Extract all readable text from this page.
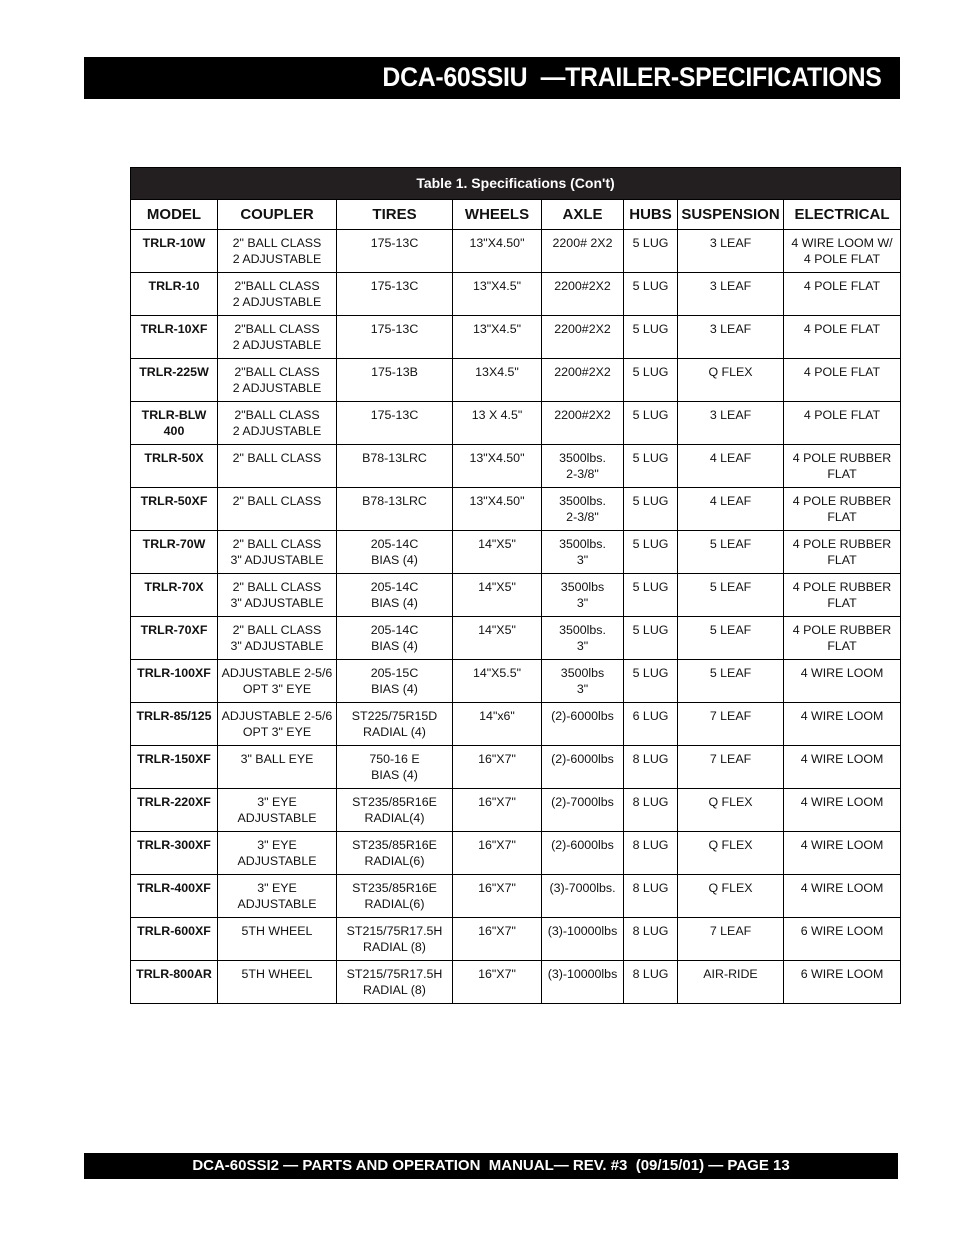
DCA-60SSIU  —TRAILER-SPECIFICATIONS
Table 1. Specifications (Con't)
MODEL	COUPLER	TIRES	WHEELS	AXLE	HUBS	SUSPENSION	ELECTRICAL
TRLR-10W	2" BALL CLASS
2 ADJUSTABLE	175-13C	13"X4.50"	2200# 2X2	5 LUG	3 LEAF	4 WIRE LOOM W/
4 POLE FLAT
TRLR-10	2"BALL CLASS
2 ADJUSTABLE	175-13C	13"X4.5"	2200#2X2	5 LUG	3 LEAF	4 POLE FLAT
TRLR-10XF	2"BALL CLASS
2 ADJUSTABLE	175-13C	13"X4.5"	2200#2X2	5 LUG	3 LEAF	4 POLE FLAT
TRLR-225W	2"BALL CLASS
2 ADJUSTABLE	175-13B	13X4.5"	2200#2X2	5 LUG	Q FLEX	4 POLE FLAT
TRLR-BLW
400	2"BALL CLASS
2 ADJUSTABLE	175-13C	13 X 4.5"	2200#2X2	5 LUG	3 LEAF	4 POLE FLAT
TRLR-50X	2" BALL CLASS	B78-13LRC	13"X4.50"	3500lbs.
2-3/8"	5 LUG	4 LEAF	4 POLE RUBBER
FLAT
TRLR-50XF	2" BALL CLASS	B78-13LRC	13"X4.50"	3500lbs.
2-3/8"	5 LUG	4 LEAF	4 POLE RUBBER
FLAT
TRLR-70W	2" BALL CLASS
3" ADJUSTABLE	205-14C
BIAS (4)	14"X5"	3500lbs.
3"	5 LUG	5 LEAF	4 POLE RUBBER
FLAT
TRLR-70X	2" BALL CLASS
3" ADJUSTABLE	205-14C
BIAS (4)	14"X5"	3500lbs
3"	5 LUG	5 LEAF	4 POLE RUBBER
FLAT
TRLR-70XF	2" BALL CLASS
3" ADJUSTABLE	205-14C
BIAS (4)	14"X5"	3500lbs.
3"	5 LUG	5 LEAF	4 POLE RUBBER
FLAT
TRLR-100XF	ADJUSTABLE 2-5/6
OPT 3" EYE	205-15C
BIAS (4)	14"X5.5"	3500lbs
3"	5 LUG	5 LEAF	4 WIRE LOOM
TRLR-85/125	ADJUSTABLE 2-5/6
OPT 3" EYE	ST225/75R15D
RADIAL (4)	14"x6"	(2)-6000lbs	6 LUG	7 LEAF	4 WIRE LOOM
TRLR-150XF	3" BALL EYE	750-16 E
BIAS (4)	16"X7"	(2)-6000lbs	8 LUG	7 LEAF	4 WIRE LOOM
TRLR-220XF	3" EYE
ADJUSTABLE	ST235/85R16E
RADIAL(4)	16"X7"	(2)-7000lbs	8 LUG	Q FLEX	4 WIRE LOOM
TRLR-300XF	3" EYE
ADJUSTABLE	ST235/85R16E
RADIAL(6)	16"X7"	(2)-6000lbs	8 LUG	Q FLEX	4 WIRE LOOM
TRLR-400XF	3" EYE
ADJUSTABLE	ST235/85R16E
RADIAL(6)	16"X7"	(3)-7000lbs.	8 LUG	Q FLEX	4 WIRE LOOM
TRLR-600XF	5TH WHEEL	ST215/75R17.5H
RADIAL (8)	16"X7"	(3)-10000lbs	8 LUG	7 LEAF	6 WIRE LOOM
TRLR-800AR	5TH WHEEL	ST215/75R17.5H
RADIAL (8)	16"X7"	(3)-10000lbs	8 LUG	AIR-RIDE	6 WIRE LOOM
DCA-60SSI2 — PARTS AND OPERATION  MANUAL— REV. #3  (09/15/01) — PAGE 13
